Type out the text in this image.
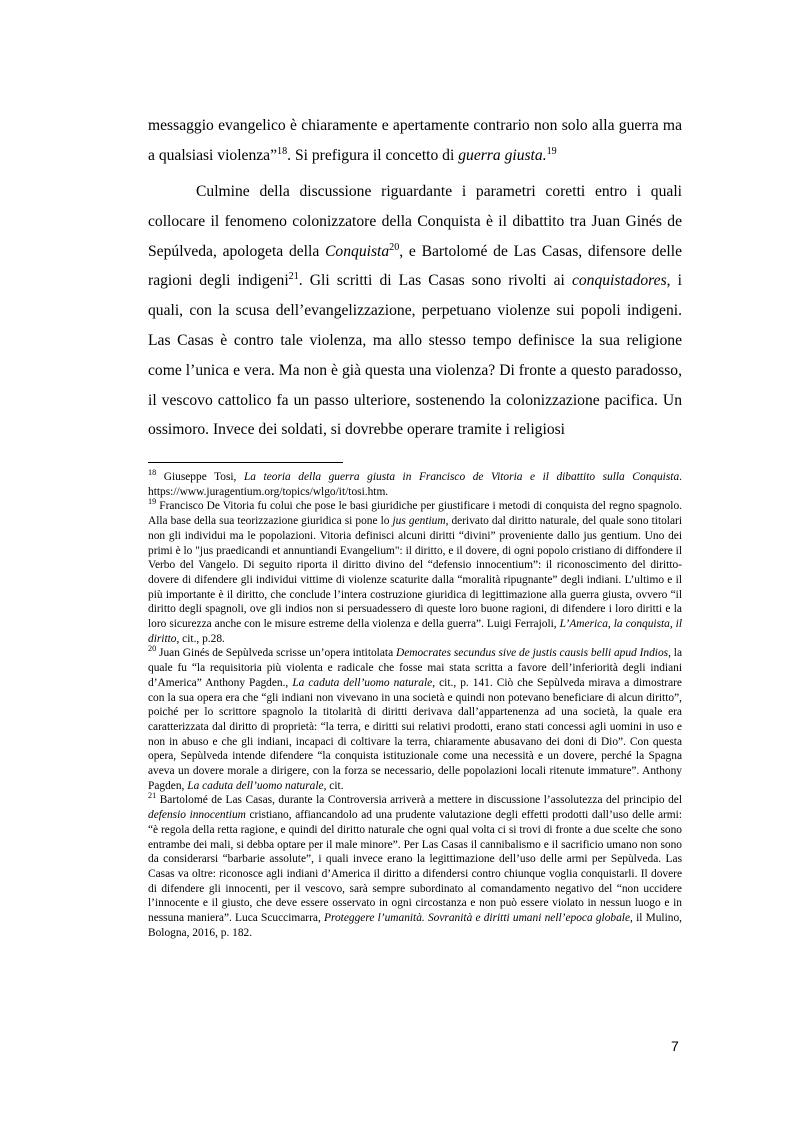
messaggio evangelico è chiaramente e apertamente contrario non solo alla guerra ma a qualsiasi violenza”$^{18}$. Si prefigura il concetto di guerra giusta.$^{19}$

Culmine della discussione riguardante i parametri coretti entro i quali collocare il fenomeno colonizzatore della Conquista è il dibattito tra Juan Ginés de Sepúlveda, apologeta della Conquista$^{20}$, e Bartolomé de Las Casas, difensore delle ragioni degli indigeni$^{21}$. Gli scritti di Las Casas sono rivolti ai conquistadores, i quali, con la scusa dell’evangelizzazione, perpetuano violenze sui popoli indigeni. Las Casas è contro tale violenza, ma allo stesso tempo definisce la sua religione come l’unica e vera. Ma non è già questa una violenza? Di fronte a questo paradosso, il vescovo cattolico fa un passo ulteriore, sostenendo la colonizzazione pacifica. Un ossimoro. Invece dei soldati, si dovrebbe operare tramite i religiosi

$^{18}$ Giuseppe Tosi, La teoria della guerra giusta in Francisco de Vitoria e il dibattito sulla Conquista. https://www.juragentium.org/topics/wlgo/it/tosi.htm.

$^{19}$ Francisco De Vitoria fu colui che pose le basi giuridiche per giustificare i metodi di conquista del regno spagnolo. Alla base della sua teorizzazione giuridica si pone lo jus gentium, derivato dal diritto naturale, del quale sono titolari non gli individui ma le popolazioni. Vitoria definisci alcuni diritti “divini” proveniente dallo jus gentium. Uno dei primi è lo "jus praedicandi et annuntiandi Evangelium": il diritto, e il dovere, di ogni popolo cristiano di diffondere il Verbo del Vangelo. Di seguito riporta il diritto divino del “defensio innocentium”: il riconoscimento del diritto-dovere di difendere gli individui vittime di violenze scaturite dalla “moralità ripugnante” degli indiani. L’ultimo e il più importante è il diritto, che conclude l’intera costruzione giuridica di legittimazione alla guerra giusta, ovvero “il diritto degli spagnoli, ove gli indios non si persuadessero di queste loro buone ragioni, di difendere i loro diritti e la loro sicurezza anche con le misure estreme della violenza e della guerra”. Luigi Ferrajoli, L’America, la conquista, il diritto, cit., p.28.

$^{20}$ Juan Ginés de Sepùlveda scrisse un’opera intitolata Democrates secundus sive de justis causis belli apud Indios, la quale fu “la requisitoria più violenta e radicale che fosse mai stata scritta a favore dell’inferiorità degli indiani d’America” Anthony Pagden., La caduta dell’uomo naturale, cit., p. 141. Ciò che Sepùlveda mirava a dimostrare con la sua opera era che “gli indiani non vivevano in una società e quindi non potevano beneficiare di alcun diritto”, poiché per lo scrittore spagnolo la titolarità di diritti derivava dall’appartenenza ad una società, la quale era caratterizzata dal diritto di proprietà: “la terra, e diritti sui relativi prodotti, erano stati concessi agli uomini in uso e non in abuso e che gli indiani, incapaci di coltivare la terra, chiaramente abusavano dei doni di Dio”. Con questa opera, Sepùlveda intende difendere “la conquista istituzionale come una necessità e un dovere, perché la Spagna aveva un dovere morale a dirigere, con la forza se necessario, delle popolazioni locali ritenute immature”. Anthony Pagden, La caduta dell’uomo naturale, cit.

$^{21}$ Bartolomé de Las Casas, durante la Controversia arriverà a mettere in discussione l’assolutezza del principio del defensio innocentium cristiano, affiancandolo ad una prudente valutazione degli effetti prodotti dall’uso delle armi: “è regola della retta ragione, e quindi del diritto naturale che ogni qual volta ci si trovi di fronte a due scelte che sono entrambe dei mali, si debba optare per il male minore”. Per Las Casas il cannibalismo e il sacrificio umano non sono da considerarsi “barbarie assolute”, i quali invece erano la legittimazione dell’uso delle armi per Sepùlveda. Las Casas va oltre: riconosce agli indiani d’America il diritto a difendersi contro chiunque voglia conquistarli. Il dovere di difendere gli innocenti, per il vescovo, sarà sempre subordinato al comandamento negativo del “non uccidere l’innocente e il giusto, che deve essere osservato in ogni circostanza e non può essere violato in nessun luogo e in nessuna maniera”. Luca Scuccimarra, Proteggere l’umanità. Sovranità e diritti umani nell’epoca globale, il Mulino, Bologna, 2016, p. 182.

7
